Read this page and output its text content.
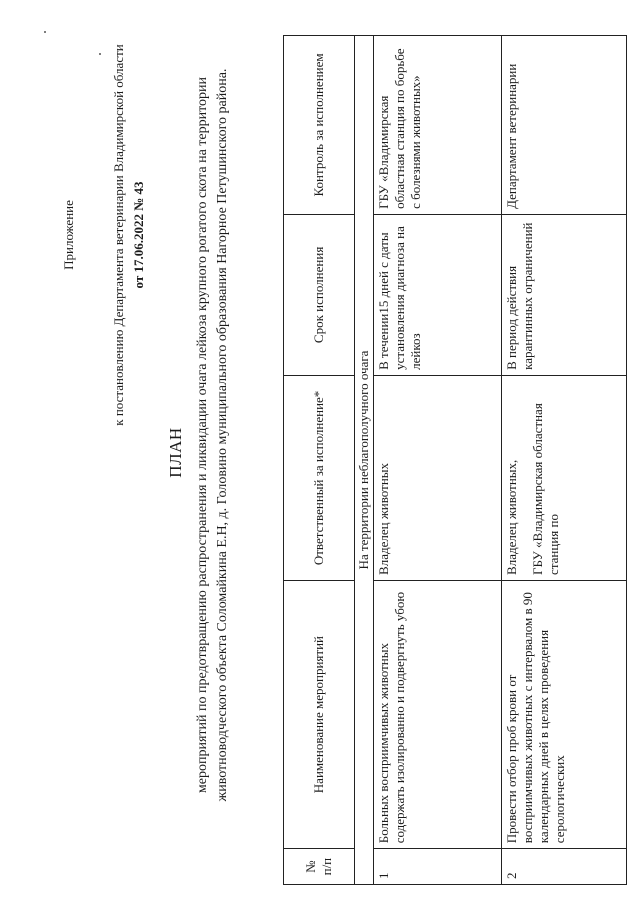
Приложение	к постановлению Департамента ветеринарии Владимирской области от 17.06.2022 № 43
ПЛАН мероприятий по предотвращению распространения и ликвидации очага лейкоза крупного рогатого скота на территории животноводческого объекта Соломайкина Е.Н, д. Головино муниципального образования Нагорное Петушинского района.
№ п/п	Наименование мероприятий	Ответственный за исполнение*	Срок исполнения	Контроль за исполнением
На территории неблагополучного очага				
1	Больных восприимчивых животных содержать изолированно и подвергнуть убою	Владелец животных	В течении15 дней с даты установления диагноза на лейкоз	ГБУ «Владимирская областная станция по борьбе с болезнями животных»
2	Провести отбор проб крови от восприимчивых животных с интервалом в 90 календарных дней в целях проведения серологических	Владелец животных, ГБУ «Владимирская областная станция по	В период действия карантинных ограничений	Департамент ветеринарии
